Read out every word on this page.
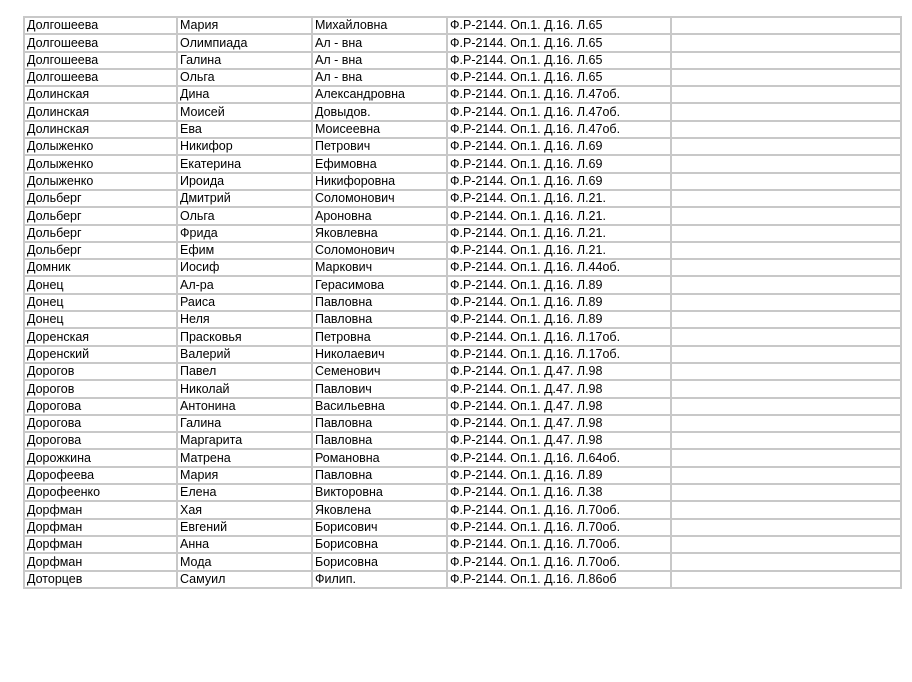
Долгошеева	Мария	Михайловна	Ф.Р-2144. Оп.1. Д.16. Л.65	
Долгошеева	Олимпиада	Ал - вна	Ф.Р-2144. Оп.1. Д.16. Л.65	
Долгошеева	Галина	Ал - вна	Ф.Р-2144. Оп.1. Д.16. Л.65	
Долгошеева	Ольга	Ал - вна	Ф.Р-2144. Оп.1. Д.16. Л.65	
Долинская	Дина	Александровна	Ф.Р-2144. Оп.1. Д.16. Л.47об.	
Долинская	Моисей	Довыдов.	Ф.Р-2144. Оп.1. Д.16. Л.47об.	
Долинская	Ева	Моисеевна	Ф.Р-2144. Оп.1. Д.16. Л.47об.	
Долыженко	Никифор	Петрович	Ф.Р-2144. Оп.1. Д.16. Л.69	
Долыженко	Екатерина	Ефимовна	Ф.Р-2144. Оп.1. Д.16. Л.69	
Долыженко	Ироида	Никифоровна	Ф.Р-2144. Оп.1. Д.16. Л.69	
Дольберг	Дмитрий	Соломонович	Ф.Р-2144. Оп.1. Д.16. Л.21.	
Дольберг	Ольга	Ароновна	Ф.Р-2144. Оп.1. Д.16. Л.21.	
Дольберг	Фрида	Яковлевна	Ф.Р-2144. Оп.1. Д.16. Л.21.	
Дольберг	Ефим	Соломонович	Ф.Р-2144. Оп.1. Д.16. Л.21.	
Домник	Иосиф	Маркович	Ф.Р-2144. Оп.1. Д.16. Л.44об.	
Донец	Ал-ра	Герасимова	Ф.Р-2144. Оп.1. Д.16. Л.89	
Донец	Раиса	Павловна	Ф.Р-2144. Оп.1. Д.16. Л.89	
Донец	Неля	Павловна	Ф.Р-2144. Оп.1. Д.16. Л.89	
Доренская	Прасковья	Петровна	Ф.Р-2144. Оп.1. Д.16. Л.17об.	
Доренский	Валерий	Николаевич	Ф.Р-2144. Оп.1. Д.16. Л.17об.	
Дорогов	Павел	Семенович	Ф.Р-2144. Оп.1. Д.47. Л.98	
Дорогов	Николай	Павлович	Ф.Р-2144. Оп.1. Д.47. Л.98	
Дорогова	Антонина	Васильевна	Ф.Р-2144. Оп.1. Д.47. Л.98	
Дорогова	Галина	Павловна	Ф.Р-2144. Оп.1. Д.47. Л.98	
Дорогова	Маргарита	Павловна	Ф.Р-2144. Оп.1. Д.47. Л.98	
Дорожкина	Матрена	Романовна	Ф.Р-2144. Оп.1. Д.16. Л.64об.	
Дорофеева	Мария	Павловна	Ф.Р-2144. Оп.1. Д.16. Л.89	
Дорофеенко	Елена	Викторовна	Ф.Р-2144. Оп.1. Д.16. Л.38	
Дорфман	Хая	Яковлена	Ф.Р-2144. Оп.1. Д.16. Л.70об.	
Дорфман	Евгений	Борисович	Ф.Р-2144. Оп.1. Д.16. Л.70об.	
Дорфман	Анна	Борисовна	Ф.Р-2144. Оп.1. Д.16. Л.70об.	
Дорфман	Мода	Борисовна	Ф.Р-2144. Оп.1. Д.16. Л.70об.	
Доторцев	Самуил	Филип.	Ф.Р-2144. Оп.1. Д.16. Л.86об	
